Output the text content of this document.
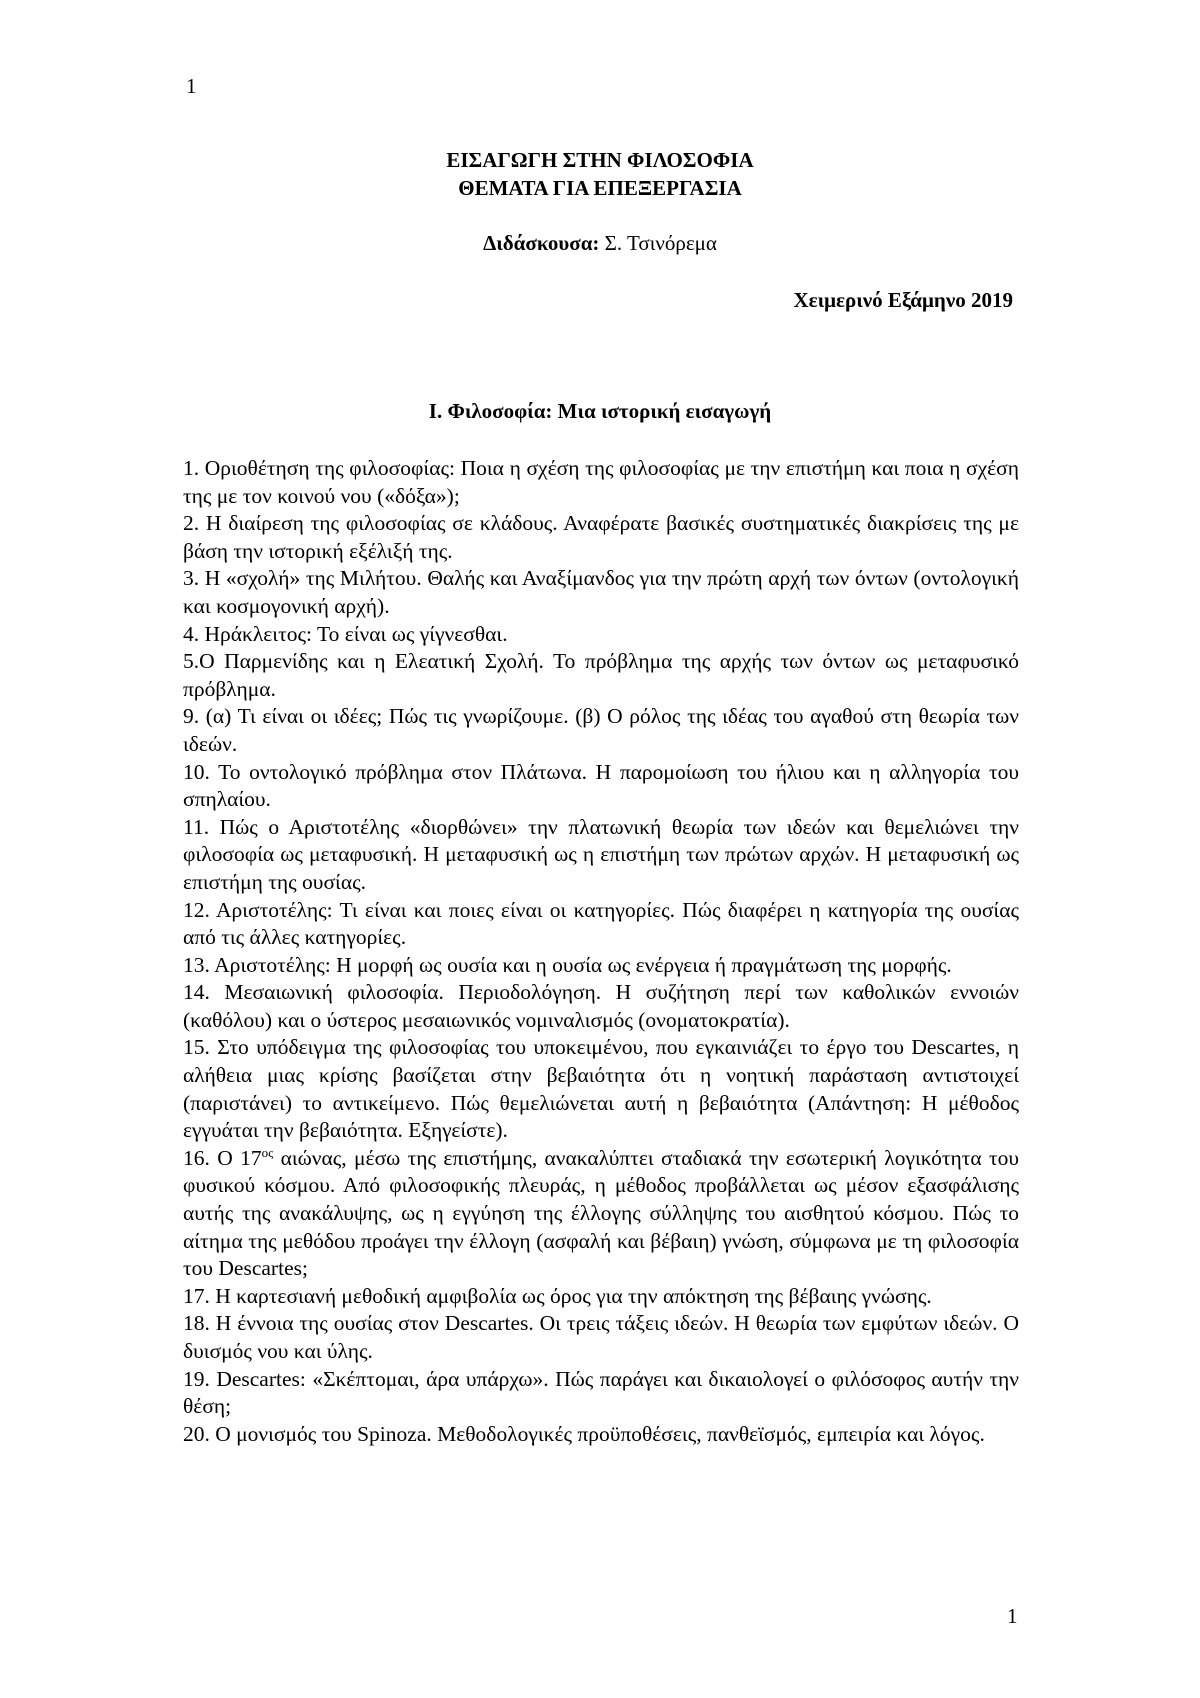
1
ΕΙΣΑΓΩΓΗ ΣΤΗΝ ΦΙΛΟΣΟΦΙΑ
ΘΕΜΑΤΑ ΓΙΑ ΕΠΕΞΕΡΓΑΣΙΑ
Διδάσκουσα: Σ. Τσινόρεμα
Χειμερινό Εξάμηνο 2019
Ι. Φιλοσοφία: Μια ιστορική εισαγωγή

1. Οριοθέτηση της φιλοσοφίας: Ποια η σχέση της φιλοσοφίας με την επιστήμη και ποια η σχέση της με τον κοινού νου («δόξα»);

2. Η διαίρεση της φιλοσοφίας σε κλάδους. Αναφέρατε βασικές συστηματικές διακρίσεις της με βάση την ιστορική εξέλιξή της.

3. Η «σχολή» της Μιλήτου. Θαλής και Αναξίμανδος για την πρώτη αρχή των όντων (οντολογική και κοσμογονική αρχή).

4. Ηράκλειτος: Το είναι ως γίγνεσθαι.

5.Ο Παρμενίδης και η Ελεατική Σχολή. Το πρόβλημα της αρχής των όντων ως μεταφυσικό πρόβλημα.

9. (α) Τι είναι οι ιδέες; Πώς τις γνωρίζουμε. (β) Ο ρόλος της ιδέας του αγαθού στη θεωρία των ιδεών.

10. Το οντολογικό πρόβλημα στον Πλάτωνα. Η παρομοίωση του ήλιου και η αλληγορία του σπηλαίου.

11. Πώς ο Αριστοτέλης «διορθώνει» την πλατωνική θεωρία των ιδεών και θεμελιώνει την φιλοσοφία ως μεταφυσική. Η μεταφυσική ως η επιστήμη των πρώτων αρχών. Η μεταφυσική ως επιστήμη της ουσίας.

12. Αριστοτέλης: Τι είναι και ποιες είναι οι κατηγορίες. Πώς διαφέρει η κατηγορία της ουσίας από τις άλλες κατηγορίες.

13. Αριστοτέλης: Η μορφή ως ουσία και η ουσία ως ενέργεια ή πραγμάτωση της μορφής.

14. Μεσαιωνική φιλοσοφία. Περιοδολόγηση. Η συζήτηση περί των καθολικών εννοιών (καθόλου) και ο ύστερος μεσαιωνικός νομιναλισμός (ονοματοκρατία).

15. Στο υπόδειγμα της φιλοσοφίας του υποκειμένου, που εγκαινιάζει το έργο του Descartes, η αλήθεια μιας κρίσης βασίζεται στην βεβαιότητα ότι η νοητική παράσταση αντιστοιχεί (παριστάνει) το αντικείμενο. Πώς θεμελιώνεται αυτή η βεβαιότητα (Απάντηση: Η μέθοδος εγγυάται την βεβαιότητα. Εξηγείστε).

16. Ο $17^{o\varsigma}$ αιώνας, μέσω της επιστήμης, ανακαλύπτει σταδιακά την εσωτερική λογικότητα του φυσικού κόσμου. Από φιλοσοφικής πλευράς, η μέθοδος προβάλλεται ως μέσον εξασφάλισης αυτής της ανακάλυψης, ως η εγγύηση της έλλογης σύλληψης του αισθητού κόσμου. Πώς το αίτημα της μεθόδου προάγει την έλλογη (ασφαλή και βέβαιη) γνώση, σύμφωνα με τη φιλοσοφία του Descartes;

17. Η καρτεσιανή μεθοδική αμφιβολία ως όρος για την απόκτηση της βέβαιης γνώσης.

18. Η έννοια της ουσίας στον Descartes. Οι τρεις τάξεις ιδεών. Η θεωρία των εμφύτων ιδεών. Ο δυισμός νου και ύλης.

19. Descartes: «Σκέπτομαι, άρα υπάρχω». Πώς παράγει και δικαιολογεί ο φιλόσοφος αυτήν την θέση;

20. Ο μονισμός του Spinoza. Μεθοδολογικές προϋποθέσεις, πανθεϊσμός, εμπειρία και λόγος.

1
